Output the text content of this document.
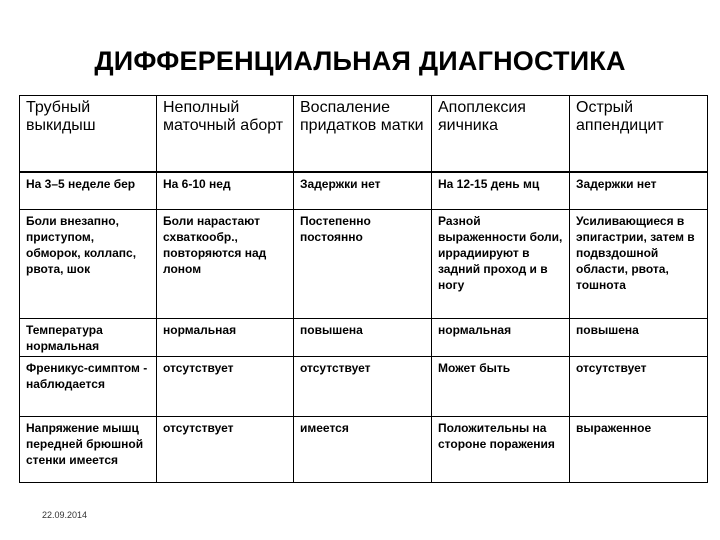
ДИФФЕРЕНЦИАЛЬНАЯ ДИАГНОСТИКА
Трубный выкидыш	Неполный маточный аборт	Воспаление придатков матки	Апоплексия яичника	Острый аппендицит
На 3–5 неделе бер	На 6-10 нед	Задержки нет	На 12-15 день мц	Задержки нет
Боли внезапно, приступом, обморок, коллапс, рвота, шок	Боли нарастают схваткообр., повторяются над лоном	Постепенно постоянно	Разной выраженности боли, иррадиируют в задний проход и в ногу	Усиливающиеся в эпигастрии, затем в подвздошной области, рвота, тошнота
Температура нормальная	нормальная	повышена	нормальная	повышена
Френикус-симптом - наблюдается	отсутствует	отсутствует	Может быть	отсутствует
Напряжение мышц передней брюшной стенки имеется	отсутствует	имеется	Положительны на стороне поражения	выраженное
22.09.2014
